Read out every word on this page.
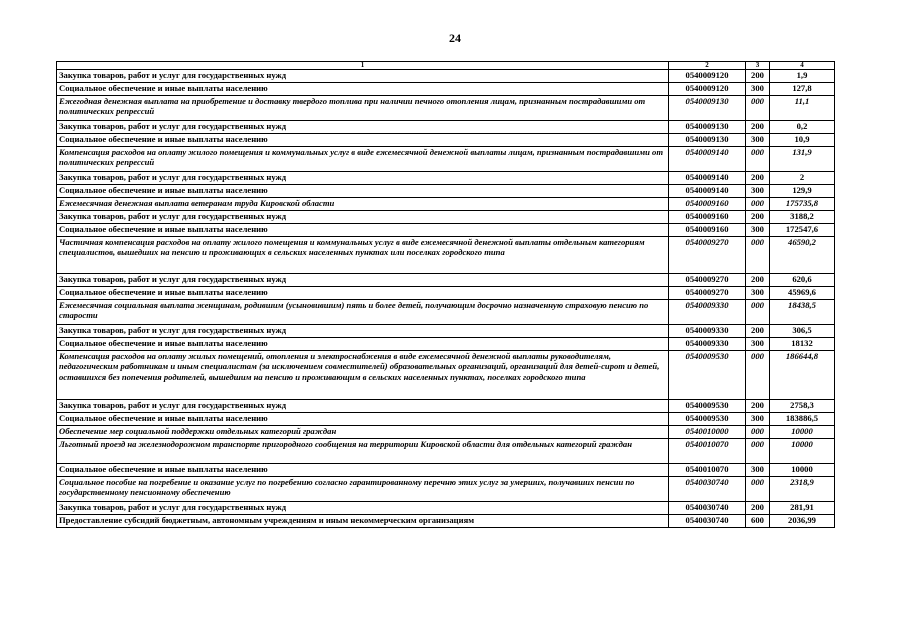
24
1	2	3	4
Закупка товаров, работ и услуг для государственных нужд	0540009120	200	1,9
Социальное обеспечение и иные выплаты населению	0540009120	300	127,8
Ежегодная денежная выплата на приобретение и доставку твердого топлива при наличии печного отопления лицам, признанным пострадавшими от политических репрессий	0540009130	000	11,1
Закупка товаров, работ и услуг для государственных нужд	0540009130	200	0,2
Социальное обеспечение и иные выплаты населению	0540009130	300	10,9
Компенсация расходов на оплату жилого помещения и коммунальных услуг в виде ежемесячной денежной выплаты лицам, признанным пострадавшими от политических репрессий	0540009140	000	131,9
Закупка товаров, работ и услуг для государственных нужд	0540009140	200	2
Социальное обеспечение и иные выплаты населению	0540009140	300	129,9
Ежемесячная денежная выплата ветеранам труда Кировской области	0540009160	000	175735,8
Закупка товаров, работ и услуг для государственных нужд	0540009160	200	3188,2
Социальное обеспечение и иные выплаты населению	0540009160	300	172547,6
Частичная компенсация расходов на оплату жилого помещения и коммунальных услуг в виде ежемесячной денежной выплаты отдельным категориям специалистов, вышедших на пенсию и проживающих в сельских населенных пунктах или поселках городского типа	0540009270	000	46590,2
Закупка товаров, работ и услуг для государственных нужд	0540009270	200	620,6
Социальное обеспечение и иные выплаты населению	0540009270	300	45969,6
Ежемесячная социальная выплата женщинам, родившим (усыновившим) пять и более детей, получающим досрочно назначенную страховую пенсию по старости	0540009330	000	18438,5
Закупка товаров, работ и услуг для государственных нужд	0540009330	200	306,5
Социальное обеспечение и иные выплаты населению	0540009330	300	18132
Компенсация расходов на оплату жилых помещений, отопления и электроснабжения в виде ежемесячной денежной выплаты руководителям, педагогическим работникам и иным специалистам (за исключением совместителей) образовательных организаций, организаций для детей-сирот и детей, оставшихся без попечения родителей, вышедшим на пенсию и проживающим в сельских населенных пунктах, поселках городского типа	0540009530	000	186644,8
Закупка товаров, работ и услуг для государственных нужд	0540009530	200	2758,3
Социальное обеспечение и иные выплаты населению	0540009530	300	183886,5
Обеспечение мер социальной поддержки отдельных категорий граждан	0540010000	000	10000
Льготный проезд на железнодорожном транспорте пригородного сообщения на территории Кировской области для отдельных категорий граждан	0540010070	000	10000
Социальное обеспечение и иные выплаты населению	0540010070	300	10000
Социальное пособие на погребение и оказание услуг по погребению согласно гарантированному перечню этих услуг за умерших, получавших пенсии по государственному пенсионному обеспечению	0540030740	000	2318,9
Закупка товаров, работ и услуг для государственных нужд	0540030740	200	281,91
Предоставление субсидий бюджетным, автономным учреждениям и иным некоммерческим организациям	0540030740	600	2036,99
